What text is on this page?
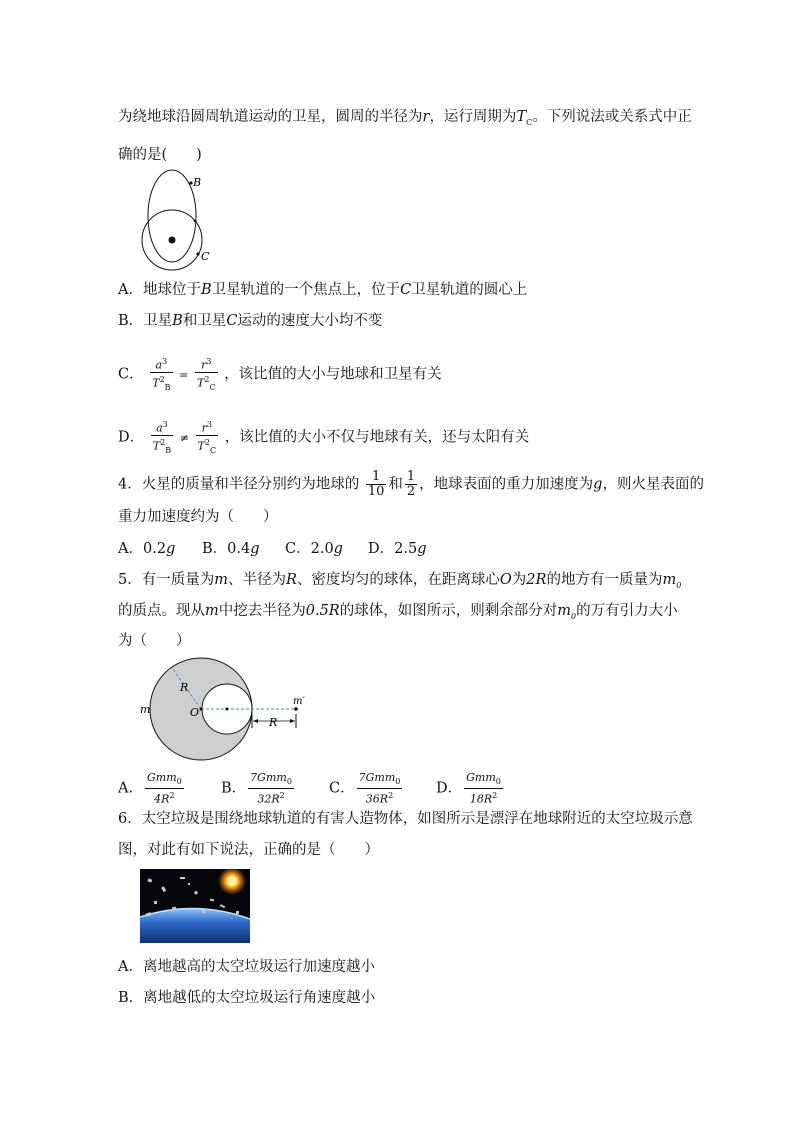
为绕地球沿圆周轨道运动的卫星，圆周的半径为r，运行周期为$T_C$。下列说法或关系式中正
确的是(　　)
B
C
A．地球位于B卫星轨道的一个焦点上，位于C卫星轨道的圆心上
B．卫星B和卫星C运动的速度大小均不变
C． $\frac{a^3}{T^2_B} = \frac{r^3}{T^2_C}$ ，该比值的大小与地球和卫星有关
D． $\frac{a^3}{T^2_B} \ne \frac{r^3}{T^2_C}$ ，该比值的大小不仅与地球有关，还与太阳有关
4．火星的质量和半径分别约为地球的 $\frac{1}{10}$ 和 $\frac{1}{2}$ ，地球表面的重力加速度为g，则火星表面的
重力加速度约为（　　）
A．0.2g B．0.4g C．2.0g D．2.5g
5．有一质量为m、半径为R、密度均匀的球体，在距离球心O为2R的地方有一质量为$m_0$
的质点。现从m中挖去半径为0.5R的球体，如图所示，则剩余部分对$m_0$的万有引力大小
为（　　）
m
R
O
R
m′
A． $\frac{Gmm_0}{4R^2}$	B． $\frac{7Gmm_0}{32R^2}$ C． $\frac{7Gmm_0}{36R^2}$ D． $\frac{Gmm_0}{18R^2}$
6．太空垃圾是围绕地球轨道的有害人造物体，如图所示是漂浮在地球附近的太空垃圾示意
图，对此有如下说法，正确的是（　　）
A．离地越高的太空垃圾运行加速度越小
B．离地越低的太空垃圾运行角速度越小
